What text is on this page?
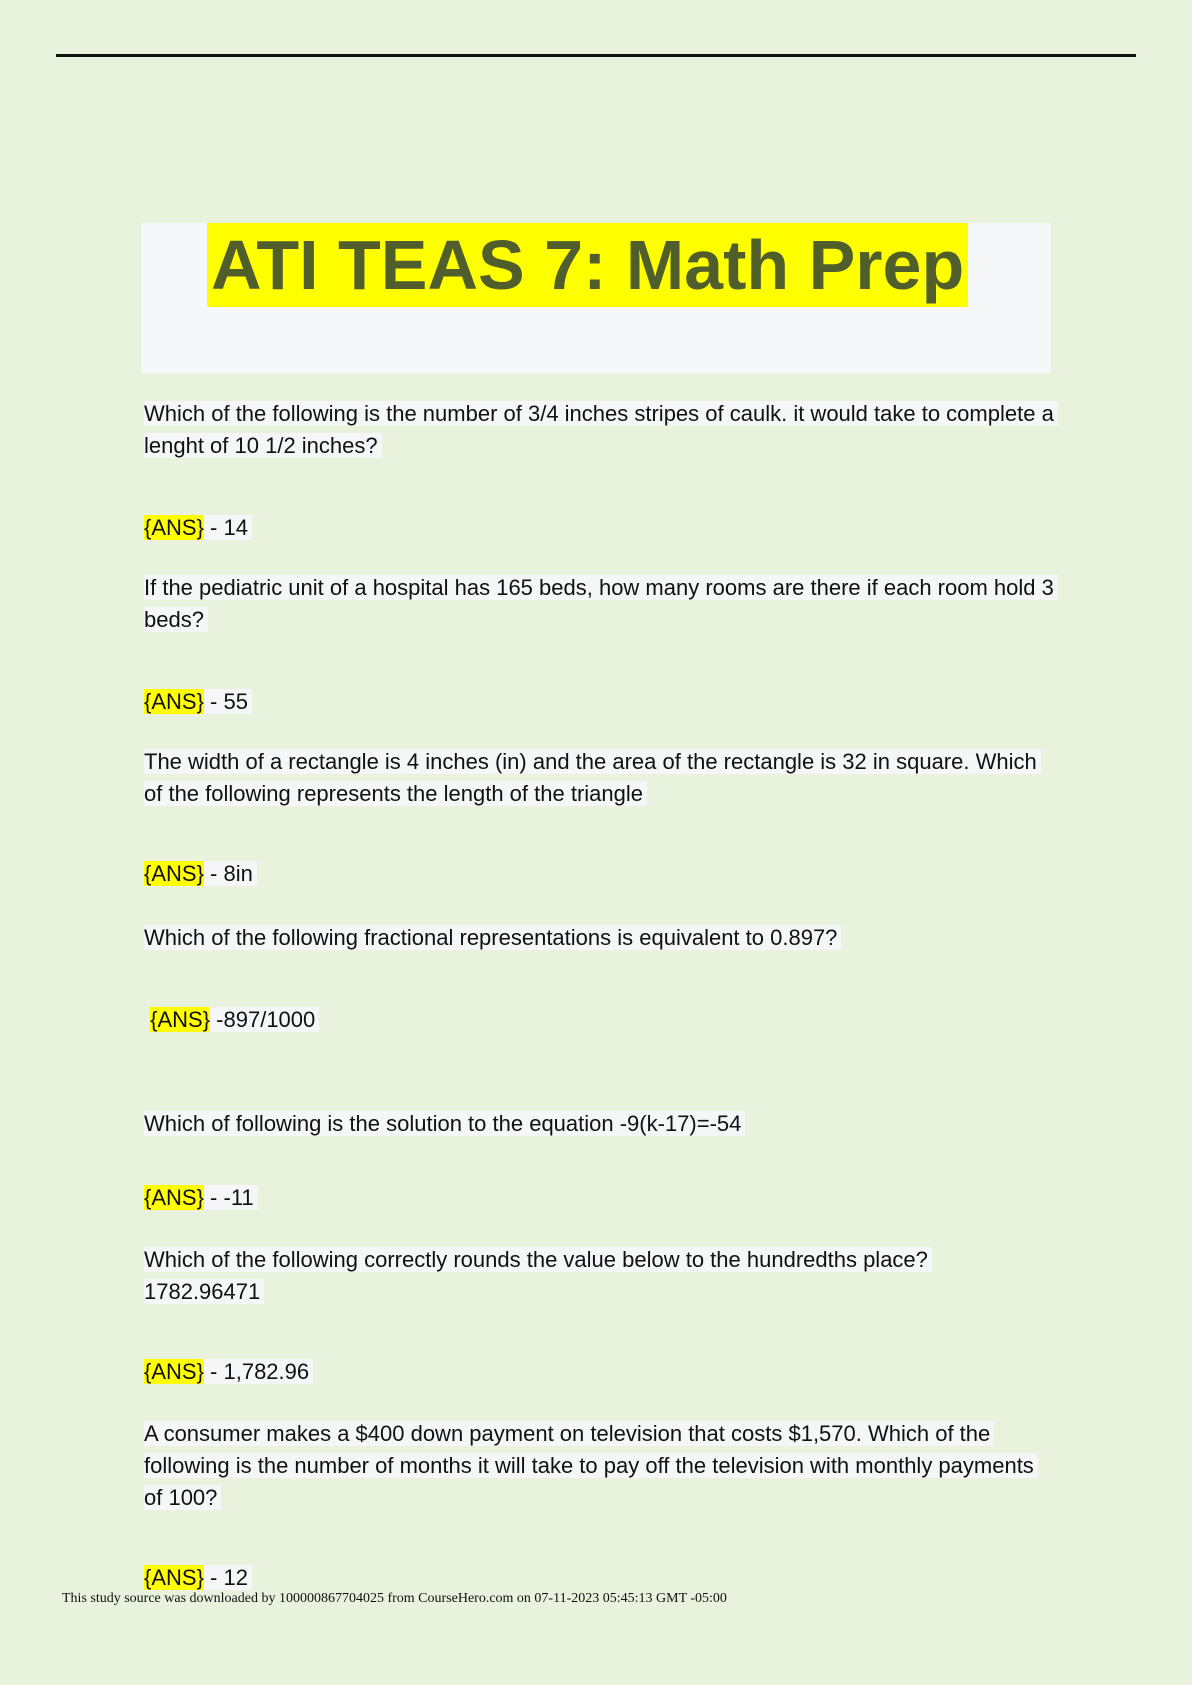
ATI TEAS 7: Math Prep

Which of the following is the number of 3/4 inches stripes of caulk. it would take to complete a lenght of 10 1/2 inches?

{ANS} - 14

If the pediatric unit of a hospital has 165 beds, how many rooms are there if each room hold 3 beds?

{ANS} - 55

The width of a rectangle is 4 inches (in) and the area of the rectangle is 32 in square. Which of the following represents the length of the triangle

{ANS} - 8in

Which of the following fractional representations is equivalent to 0.897?

{ANS} -897/1000

Which of following is the solution to the equation -9(k-17)=-54

{ANS} - -11

Which of the following correctly rounds the value below to the hundredths place? 1782.96471

{ANS} - 1,782.96

A consumer makes a $400 down payment on television that costs $1,570. Which of the following is the number of months it will take to pay off the television with monthly payments of 100?

{ANS} - 12

This study source was downloaded by 100000867704025 from CourseHero.com on 07-11-2023 05:45:13 GMT -05:00
